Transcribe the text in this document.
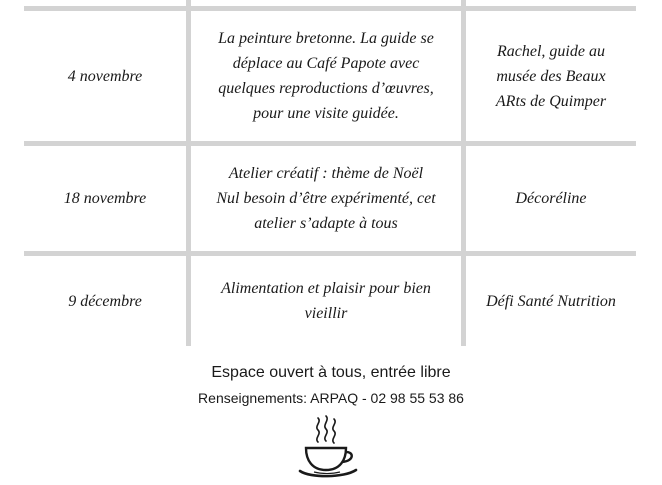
4 novembre
La peinture bretonne. La guide se
déplace au Café Papote avec
quelques reproductions d’œuvres,
pour une visite guidée.
Rachel, guide au
musée des Beaux
ARts de Quimper
18 novembre
Atelier créatif : thème de Noël
Nul besoin d’être expérimenté, cet
atelier s’adapte à tous
Décoréline
9 décembre
Alimentation et plaisir pour bien
vieillir
Défi Santé Nutrition
Espace ouvert à tous, entrée libre
Renseignements: ARPAQ - 02 98 55 53 86
